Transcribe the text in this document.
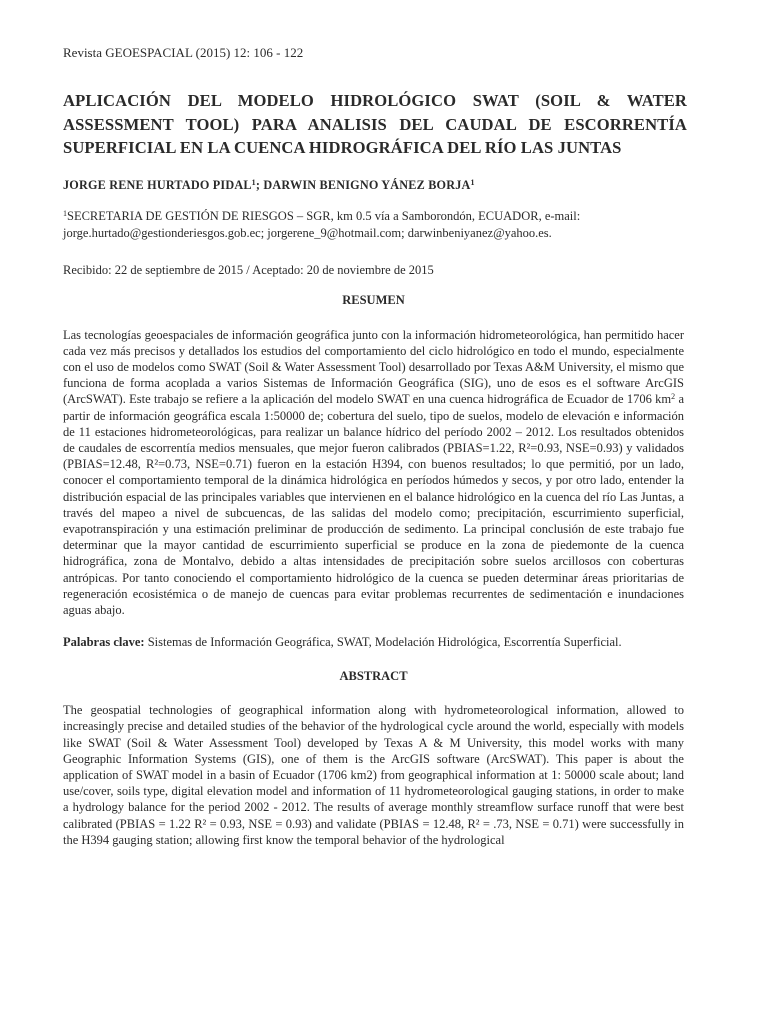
Revista GEOESPACIAL (2015) 12: 106 - 122
APLICACIÓN DEL MODELO HIDROLÓGICO SWAT (SOIL & WATER ASSESSMENT TOOL) PARA ANALISIS DEL CAUDAL DE ESCORRENTÍA SUPERFICIAL EN LA CUENCA HIDROGRÁFICA DEL RÍO LAS JUNTAS
JORGE RENE HURTADO PIDAL$^1$; DARWIN BENIGNO YÁNEZ BORJA$^1$
$^1$SECRETARIA DE GESTIÓN DE RIESGOS – SGR, km 0.5 vía a Samborondón, ECUADOR, e-mail:
jorge.hurtado@gestionderiesgos.gob.ec; jorgerene_9@hotmail.com; darwinbeniyanez@yahoo.es.
Recibido: 22 de septiembre de 2015 / Aceptado: 20 de noviembre de 2015
RESUMEN
Las tecnologías geoespaciales de información geográfica junto con la información hidrometeorológica, han permitido hacer cada vez más precisos y detallados los estudios del comportamiento del ciclo hidrológico en todo el mundo, especialmente con el uso de modelos como SWAT (Soil & Water Assessment Tool) desarrollado por Texas A&M University, el mismo que funciona de forma acoplada a varios Sistemas de Información Geográfica (SIG), uno de esos es el software ArcGIS (ArcSWAT). Este trabajo se refiere a la aplicación del modelo SWAT en una cuenca hidrográfica de Ecuador de 1706 $km^2$ a partir de información geográfica escala 1:50000 de; cobertura del suelo, tipo de suelos, modelo de elevación e información de 11 estaciones hidrometeorológicas, para realizar un balance hídrico del período 2002 – 2012. Los resultados obtenidos de caudales de escorrentía medios mensuales, que mejor fueron calibrados (PBIAS=1.22, R²=0.93, NSE=0.93) y validados (PBIAS=12.48, R²=0.73, NSE=0.71) fueron en la estación H394, con buenos resultados; lo que permitió, por un lado, conocer el comportamiento temporal de la dinámica hidrológica en períodos húmedos y secos, y por otro lado, entender la distribución espacial de las principales variables que intervienen en el balance hidrológico en la cuenca del río Las Juntas, a través del mapeo a nivel de subcuencas, de las salidas del modelo como; precipitación, escurrimiento superficial, evapotranspiración y una estimación preliminar de producción de sedimento. La principal conclusión de este trabajo fue determinar que la mayor cantidad de escurrimiento superficial se produce en la zona de piedemonte de la cuenca hidrográfica, zona de Montalvo, debido a altas intensidades de precipitación sobre suelos arcillosos con coberturas antrópicas. Por tanto conociendo el comportamiento hidrológico de la cuenca se pueden determinar áreas prioritarias de regeneración ecosistémica o de manejo de cuencas para evitar problemas recurrentes de sedimentación e inundaciones aguas abajo.
Palabras clave: Sistemas de Información Geográfica, SWAT, Modelación Hidrológica, Escorrentía Superficial.
ABSTRACT
The geospatial technologies of geographical information along with hydrometeorological information, allowed to increasingly precise and detailed studies of the behavior of the hydrological cycle around the world, especially with models like SWAT (Soil & Water Assessment Tool) developed by Texas A & M University, this model works with many Geographic Information Systems (GIS), one of them is the ArcGIS software (ArcSWAT). This paper is about the application of SWAT model in a basin of Ecuador (1706 km2) from geographical information at 1: 50000 scale about; land use/cover, soils type, digital elevation model and information of 11 hydrometeorological gauging stations, in order to make a hydrology balance for the period 2002 - 2012. The results of average monthly streamflow surface runoff that were best calibrated (PBIAS = 1.22 R² = 0.93, NSE = 0.93) and validate (PBIAS = 12.48, R² = .73, NSE = 0.71) were successfully in the H394 gauging station; allowing first know the temporal behavior of the hydrological
